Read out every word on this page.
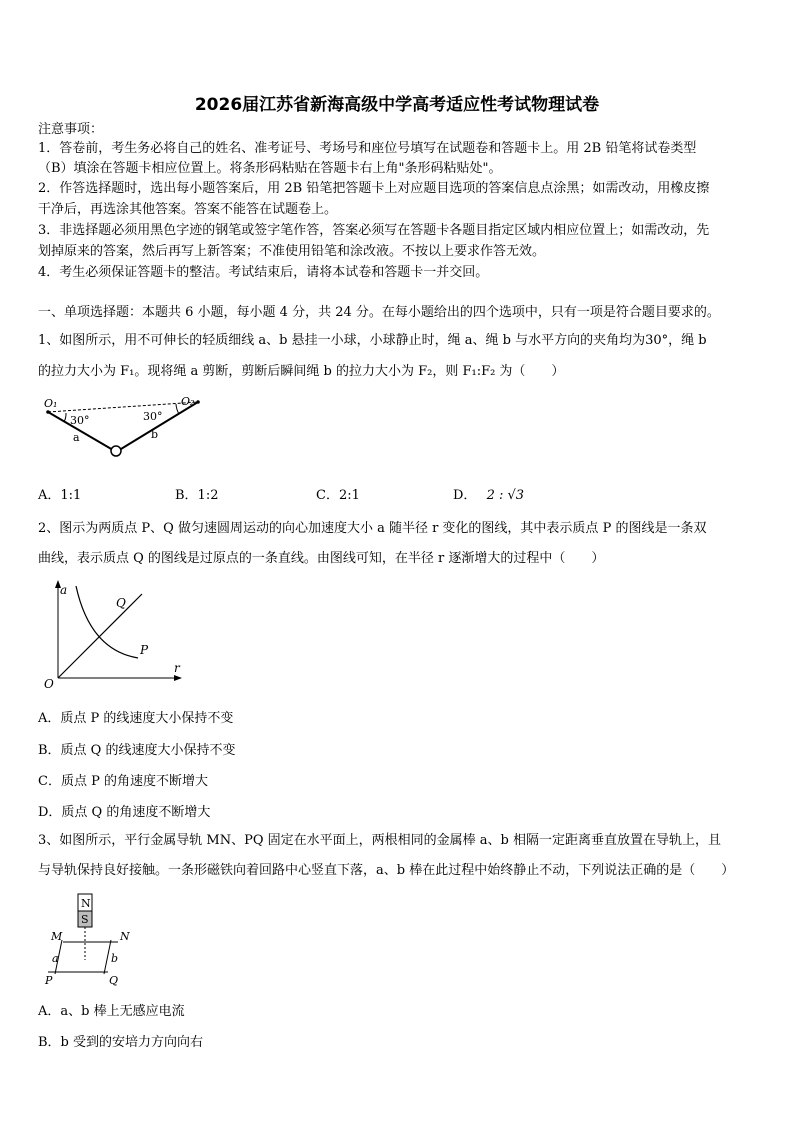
2026届江苏省新海高级中学高考适应性考试物理试卷
注意事项：
1．答卷前，考生务必将自己的姓名、准考证号、考场号和座位号填写在试题卷和答题卡上。用 2B 铅笔将试卷类型
（B）填涂在答题卡相应位置上。将条形码粘贴在答题卡右上角"条形码粘贴处"。
2．作答选择题时，选出每小题答案后，用 2B 铅笔把答题卡上对应题目选项的答案信息点涂黑；如需改动，用橡皮擦
干净后，再选涂其他答案。答案不能答在试题卷上。
3．非选择题必须用黑色字迹的钢笔或签字笔作答，答案必须写在答题卡各题目指定区域内相应位置上；如需改动，先
划掉原来的答案，然后再写上新答案；不准使用铅笔和涂改液。不按以上要求作答无效。
4．考生必须保证答题卡的整洁。考试结束后，请将本试卷和答题卡一并交回。
一、单项选择题：本题共 6 小题，每小题 4 分，共 24 分。在每小题给出的四个选项中，只有一项是符合题目要求的。
1、如图所示，用不可伸长的轻质细线 a、b 悬挂一小球，小球静止时，绳 a、绳 b 与水平方向的夹角均为30°，绳 b
的拉力大小为 F₁。现将绳 a 剪断，剪断后瞬间绳 b 的拉力大小为 F₂，则 F₁:F₂ 为（　　）
O₁	O₂
30°	30°
a	b
A．1:1	B．1:2	C．2:1	D． 2 : √3
2、图示为两质点 P、Q 做匀速圆周运动的向心加速度大小 a 随半径 r 变化的图线，其中表示质点 P 的图线是一条双
曲线，表示质点 Q 的图线是过原点的一条直线。由图线可知，在半径 r 逐渐增大的过程中（　　）
a
r
O
P
Q
A．质点 P 的线速度大小保持不变
B．质点 Q 的线速度大小保持不变
C．质点 P 的角速度不断增大
D．质点 Q 的角速度不断增大
3、如图所示，平行金属导轨 MN、PQ 固定在水平面上，两根相同的金属棒 a、b 相隔一定距离垂直放置在导轨上，且
与导轨保持良好接触。一条形磁铁向着回路中心竖直下落，a、b 棒在此过程中始终静止不动，下列说法正确的是（　　）
N
S
M	N
P	Q
a	b
A．a、b 棒上无感应电流
B．b 受到的安培力方向向右
